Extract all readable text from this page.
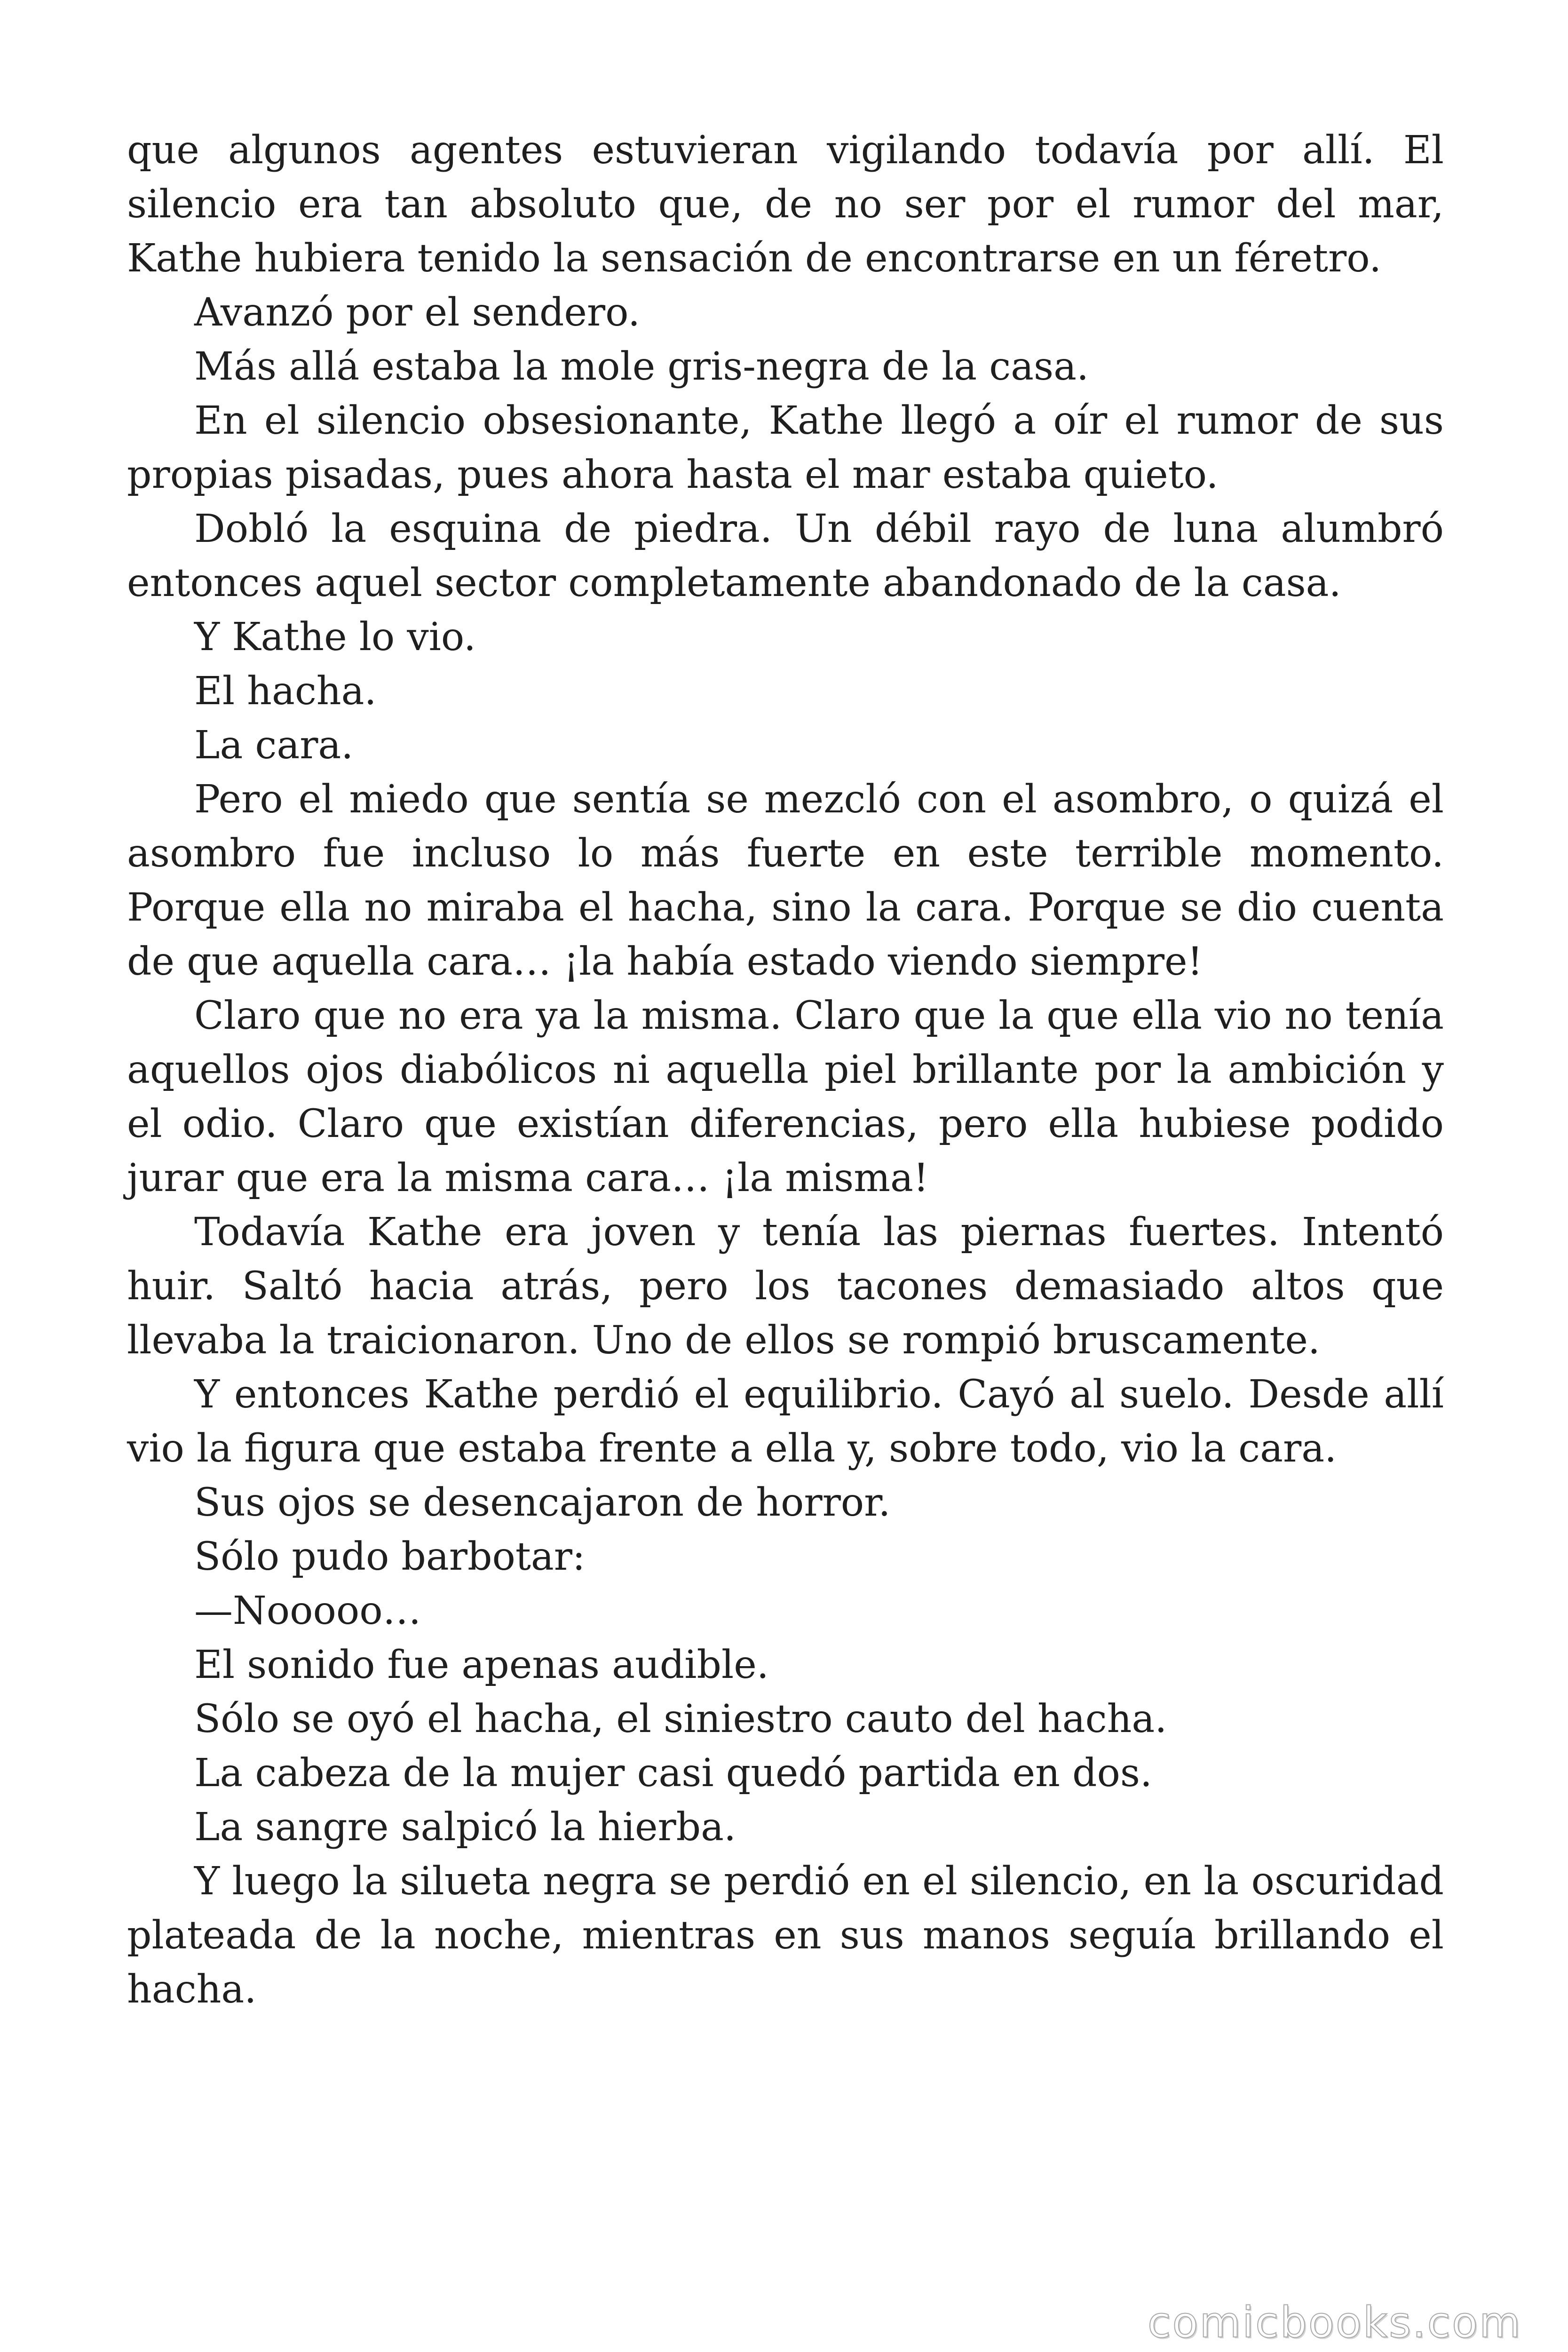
que algunos agentes estuvieran vigilando todavía por allí. El silencio era tan absoluto que, de no ser por el rumor del mar, Kathe hubiera tenido la sensación de encontrarse en un féretro.

Avanzó por el sendero.

Más allá estaba la mole gris-negra de la casa.

En el silencio obsesionante, Kathe llegó a oír el rumor de sus propias pisadas, pues ahora hasta el mar estaba quieto.

Dobló la esquina de piedra. Un débil rayo de luna alumbró entonces aquel sector completamente abandonado de la casa.

Y Kathe lo vio.

El hacha.

La cara.

Pero el miedo que sentía se mezcló con el asombro, o quizá el asombro fue incluso lo más fuerte en este terrible momento. Porque ella no miraba el hacha, sino la cara. Porque se dio cuenta de que aquella cara… ¡la había estado viendo siempre!

Claro que no era ya la misma. Claro que la que ella vio no tenía aquellos ojos diabólicos ni aquella piel brillante por la ambición y el odio. Claro que existían diferencias, pero ella hubiese podido jurar que era la misma cara… ¡la misma!

Todavía Kathe era joven y tenía las piernas fuertes. Intentó huir. Saltó hacia atrás, pero los tacones demasiado altos que llevaba la traicionaron. Uno de ellos se rompió bruscamente.

Y entonces Kathe perdió el equilibrio. Cayó al suelo. Desde allí vio la figura que estaba frente a ella y, sobre todo, vio la cara.

Sus ojos se desencajaron de horror.

Sólo pudo barbotar:

—Nooooo…

El sonido fue apenas audible.

Sólo se oyó el hacha, el siniestro cauto del hacha.

La cabeza de la mujer casi quedó partida en dos.

La sangre salpicó la hierba.

Y luego la silueta negra se perdió en el silencio, en la oscuridad plateada de la noche, mientras en sus manos seguía brillando el hacha.

comicbooks.com
